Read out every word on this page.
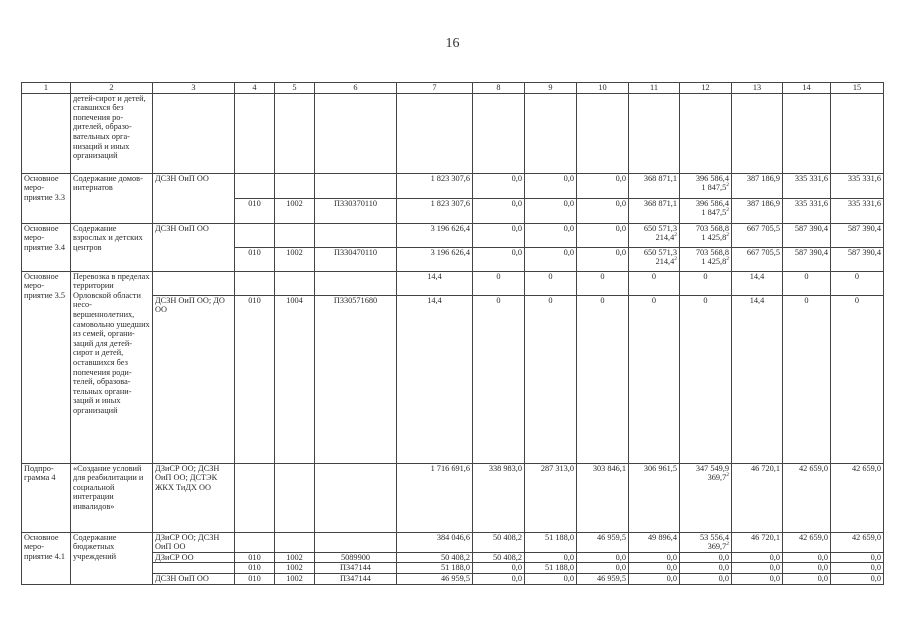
16
1	2	3	4	5	6	7	8	9	10	11	12	13	14	15
	детей-сирот и детей, ставшихся без попечения ро-дителей, образо-вательных орга-низаций и иных организаций													
Основное меро-приятие 3.3	Содержание домов-интернатов	ДСЗН ОиП ОО				1 823 307,6	0,0	0,0	0,0	368 871,1	396 586,4
1 847,5$^2$	387 186,9	335 331,6	335 331,6
			010	1002	П330370110	1 823 307,6	0,0	0,0	0,0	368 871,1	396 586,4
1 847,5$^2$	387 186,9	335 331,6	335 331,6
Основное меро-приятие 3.4	Содержание взрослых и детских центров	ДСЗН ОиП ОО				3 196 626,4	0,0	0,0	0,0	650 571,3
214,4$^2$	703 568,8
1 425,8$^2$	667 705,5	587 390,4	587 390,4
			010	1002	П330470110	3 196 626,4	0,0	0,0	0,0	650 571,3
214,4$^2$	703 568,8
1 425,8$^2$	667 705,5	587 390,4	587 390,4
Основное меро-приятие 3.5	Перевозка в пределах территории Орловской области несо-вершеннолетних, самовольно ушедших из семей, органи-заций для детей-сирот и детей, оставшихся без попечения роди-телей, образова-тельных органи-заций и иных организаций					14,4	0	0	0	0	0	14,4	0	0
		ДСЗН ОиП ОО; ДО ОО	010	1004	П330571680	14,4	0	0	0	0	0	14,4	0	0
Подпро-грамма 4	«Создание условий для реабилитации и социальной интеграции инвалидов»	ДЗиСР ОО; ДСЗН ОиП ОО; ДСТЭК ЖКХ ТиДХ ОО				1 716 691,6	338 983,0	287 313,0	303 846,1	306 961,5	347 549,9
369,7$^2$	46 720,1	42 659,0	42 659,0
Основное меро-приятие 4.1	Содержание бюджетных учреждений	ДЗиСР ОО; ДСЗН ОиП ОО				384 046,6	50 408,2	51 188,0	46 959,5	49 896,4	53 556,4
369,7$^2$	46 720,1	42 659,0	42 659,0
		ДЗиСР ОО	010	1002	5089900	50 408,2	50 408,2	0,0	0,0	0,0	0,0	0,0	0,0	0,0
			010	1002	П347144	51 188,0	0,0	51 188,0	0,0	0,0	0,0	0,0	0,0	0,0
		ДСЗН ОиП ОО	010	1002	П347144	46 959,5	0,0	0,0	46 959,5	0,0	0,0	0,0	0,0	0,0
